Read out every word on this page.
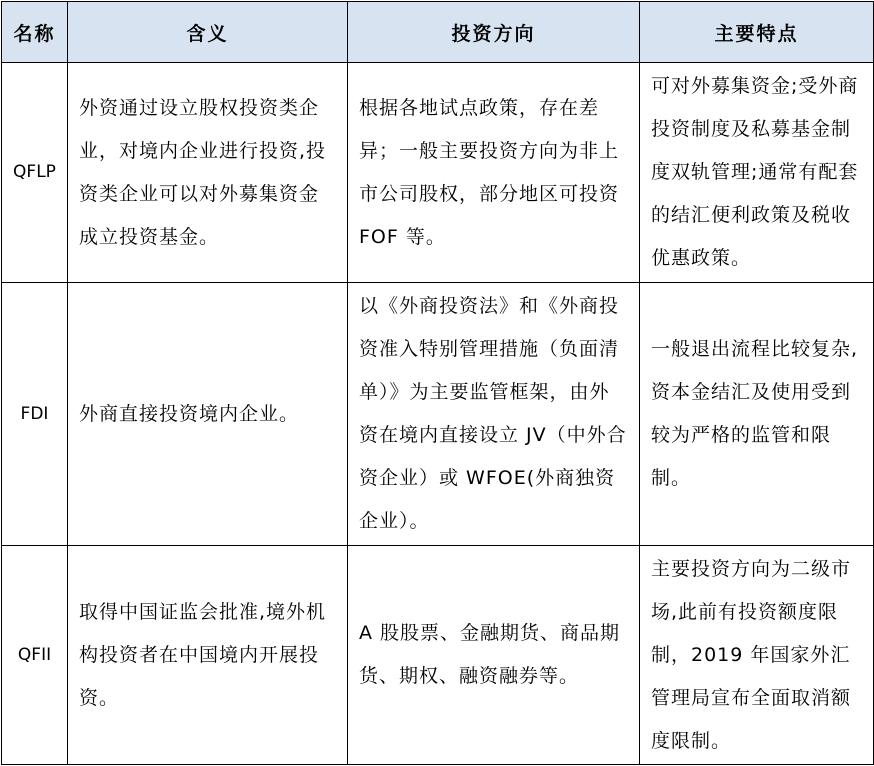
名称	含义	投资方向	主要特点
QFLP	外资通过设立股权投资类企业，对境内企业进行投资,投资类企业可以对外募集资金成立投资基金。	根据各地试点政策，存在差异；一般主要投资方向为非上市公司股权，部分地区可投资 FOF 等。	可对外募集资金;受外商投资制度及私募基金制度双轨管理;通常有配套的结汇便利政策及税收优惠政策。
FDI	外商直接投资境内企业。	以《外商投资法》和《外商投资准入特别管理措施（负面清单）》为主要监管框架，由外资在境内直接设立 JV（中外合资企业）或 WFOE(外商独资企业）。	一般退出流程比较复杂,资本金结汇及使用受到较为严格的监管和限制。
QFII	取得中国证监会批准,境外机构投资者在中国境内开展投资。	A 股股票、金融期货、商品期货、期权、融资融券等。	主要投资方向为二级市场,此前有投资额度限制，2019 年国家外汇管理局宣布全面取消额度限制。
